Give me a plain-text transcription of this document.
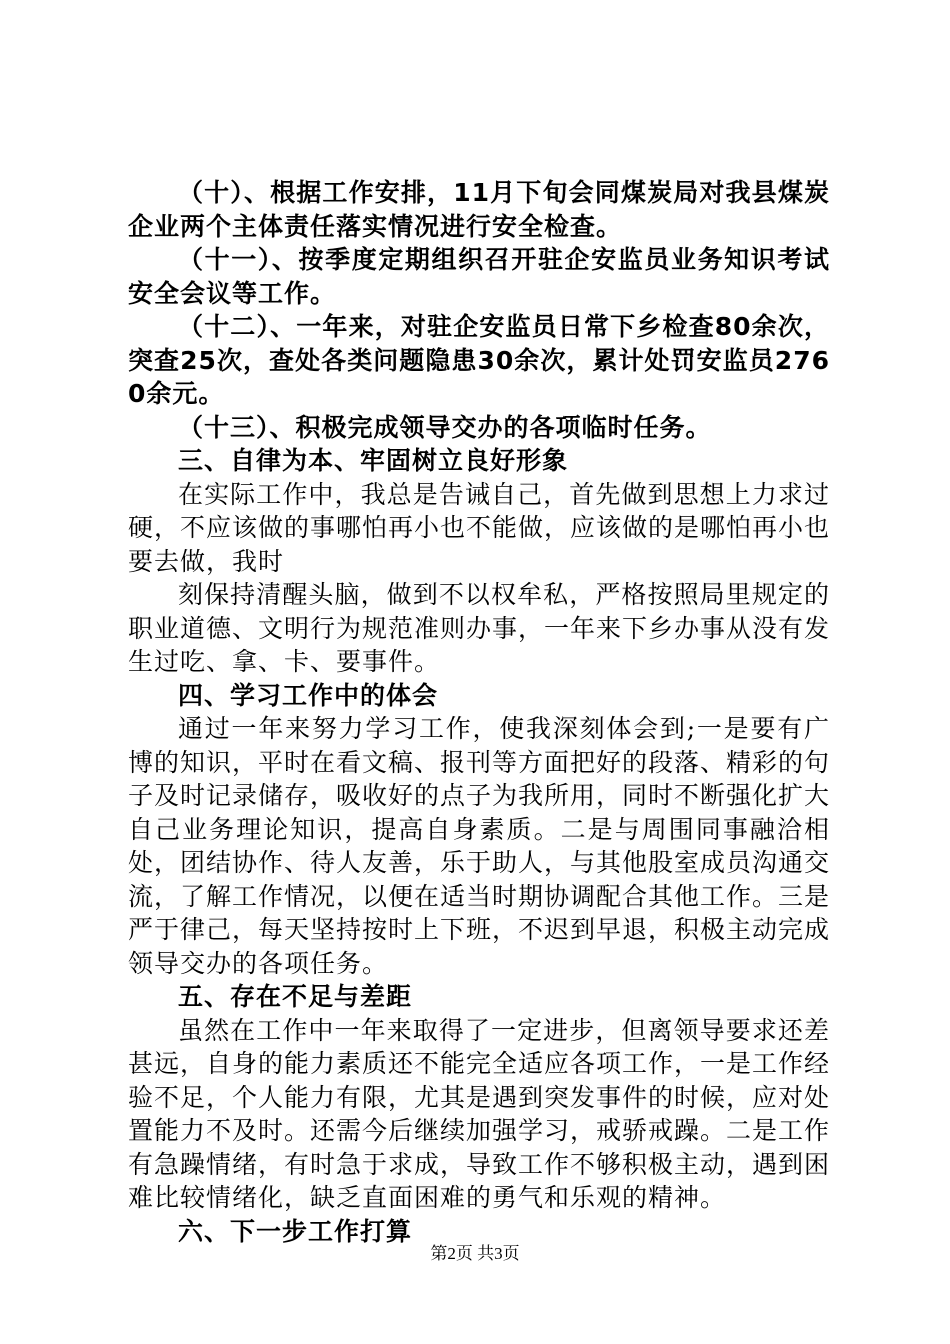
（十）、根据工作安排，11月下旬会同煤炭局对我县煤炭企业两个主体责任落实情况进行安全检查。

（十一）、按季度定期组织召开驻企安监员业务知识考试安全会议等工作。

（十二）、一年来，对驻企安监员日常下乡检查80余次，突查25次，查处各类问题隐患30余次，累计处罚安监员2760余元。

（十三）、积极完成领导交办的各项临时任务。

三、自律为本、牢固树立良好形象

在实际工作中，我总是告诫自己，首先做到思想上力求过硬，不应该做的事哪怕再小也不能做，应该做的是哪怕再小也要去做，我时

刻保持清醒头脑，做到不以权牟私，严格按照局里规定的职业道德、文明行为规范准则办事，一年来下乡办事从没有发生过吃、拿、卡、要事件。

四、学习工作中的体会

通过一年来努力学习工作，使我深刻体会到;一是要有广博的知识，平时在看文稿、报刊等方面把好的段落、精彩的句子及时记录储存，吸收好的点子为我所用，同时不断强化扩大自己业务理论知识，提高自身素质。二是与周围同事融洽相处，团结协作、待人友善，乐于助人，与其他股室成员沟通交流，了解工作情况，以便在适当时期协调配合其他工作。三是严于律己，每天坚持按时上下班，不迟到早退，积极主动完成领导交办的各项任务。

五、存在不足与差距

虽然在工作中一年来取得了一定进步，但离领导要求还差甚远，自身的能力素质还不能完全适应各项工作，一是工作经验不足，个人能力有限，尤其是遇到突发事件的时候，应对处置能力不及时。还需今后继续加强学习，戒骄戒躁。二是工作有急躁情绪，有时急于求成，导致工作不够积极主动，遇到困难比较情绪化，缺乏直面困难的勇气和乐观的精神。

六、下一步工作打算

第2页 共3页
